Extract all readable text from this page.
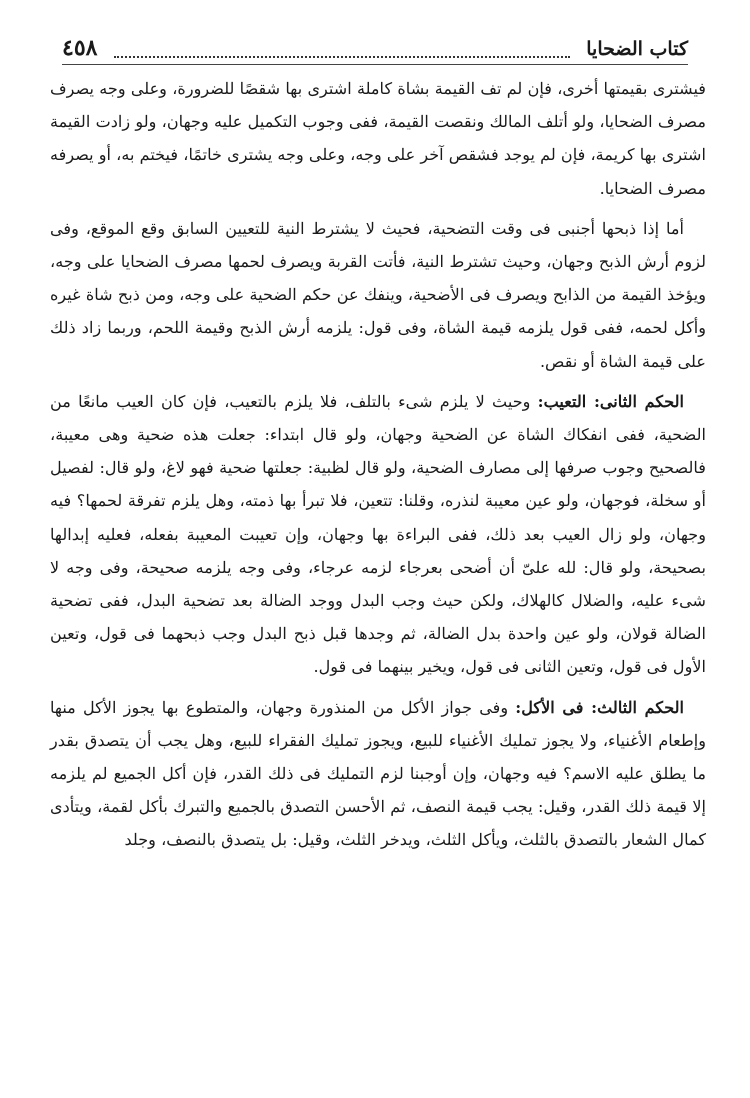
كتاب الضحايا
٤٥٨

فيشترى بقيمتها أخرى، فإن لم تف القيمة بشاة كاملة اشترى بها شقصًا للضرورة، وعلى وجه يصرف مصرف الضحايا، ولو أتلف المالك ونقصت القيمة، ففى وجوب التكميل عليه وجهان، ولو زادت القيمة اشترى بها كريمة، فإن لم يوجد فشقص آخر على وجه، وعلى وجه يشترى خاتمًا، فيختم به، أو يصرفه مصرف الضحايا.

أما إذا ذبحها أجنبى فى وقت التضحية، فحيث لا يشترط النية للتعيين السابق وقع الموقع، وفى لزوم أرش الذبح وجهان، وحيث تشترط النية، فأتت القربة ويصرف لحمها مصرف الضحايا على وجه، ويؤخذ القيمة من الذابح ويصرف فى الأضحية، وينفك عن حكم الضحية على وجه، ومن ذبح شاة غيره وأكل لحمه، ففى قول يلزمه قيمة الشاة، وفى قول: يلزمه أرش الذبح وقيمة اللحم، وربما زاد ذلك على قيمة الشاة أو نقص.

الحكم الثانى: التعيب: وحيث لا يلزم شىء بالتلف، فلا يلزم بالتعيب، فإن كان العيب مانعًا من الضحية، ففى انفكاك الشاة عن الضحية وجهان، ولو قال ابتداء: جعلت هذه ضحية وهى معيبة، فالصحيح وجوب صرفها إلى مصارف الضحية، ولو قال لظبية: جعلتها ضحية فهو لاغ، ولو قال: لفصيل أو سخلة، فوجهان، ولو عين معيبة لنذره، وقلنا: تتعين، فلا تبرأ بها ذمته، وهل يلزم تفرقة لحمها؟ فيه وجهان، ولو زال العيب بعد ذلك، ففى البراءة بها وجهان، وإن تعيبت المعيبة بفعله، فعليه إبدالها بصحيحة، ولو قال: لله علىّ أن أضحى بعرجاء لزمه عرجاء، وفى وجه يلزمه صحيحة، وفى وجه لا شىء عليه، والضلال كالهلاك، ولكن حيث وجب البدل ووجد الضالة بعد تضحية البدل، ففى تضحية الضالة قولان، ولو عين واحدة بدل الضالة، ثم وجدها قبل ذبح البدل وجب ذبحهما فى قول، وتعين الأول فى قول، وتعين الثانى فى قول، ويخير بينهما فى قول.

الحكم الثالث: فى الأكل: وفى جواز الأكل من المنذورة وجهان، والمتطوع بها يجوز الأكل منها وإطعام الأغنياء، ولا يجوز تمليك الأغنياء للبيع، ويجوز تمليك الفقراء للبيع، وهل يجب أن يتصدق بقدر ما يطلق عليه الاسم؟ فيه وجهان، وإن أوجبنا لزم التمليك فى ذلك القدر، فإن أكل الجميع لم يلزمه إلا قيمة ذلك القدر، وقيل: يجب قيمة النصف، ثم الأحسن التصدق بالجميع والتبرك بأكل لقمة، ويتأدى كمال الشعار بالتصدق بالثلث، ويأكل الثلث، ويدخر الثلث، وقيل: بل يتصدق بالنصف، وجلد
